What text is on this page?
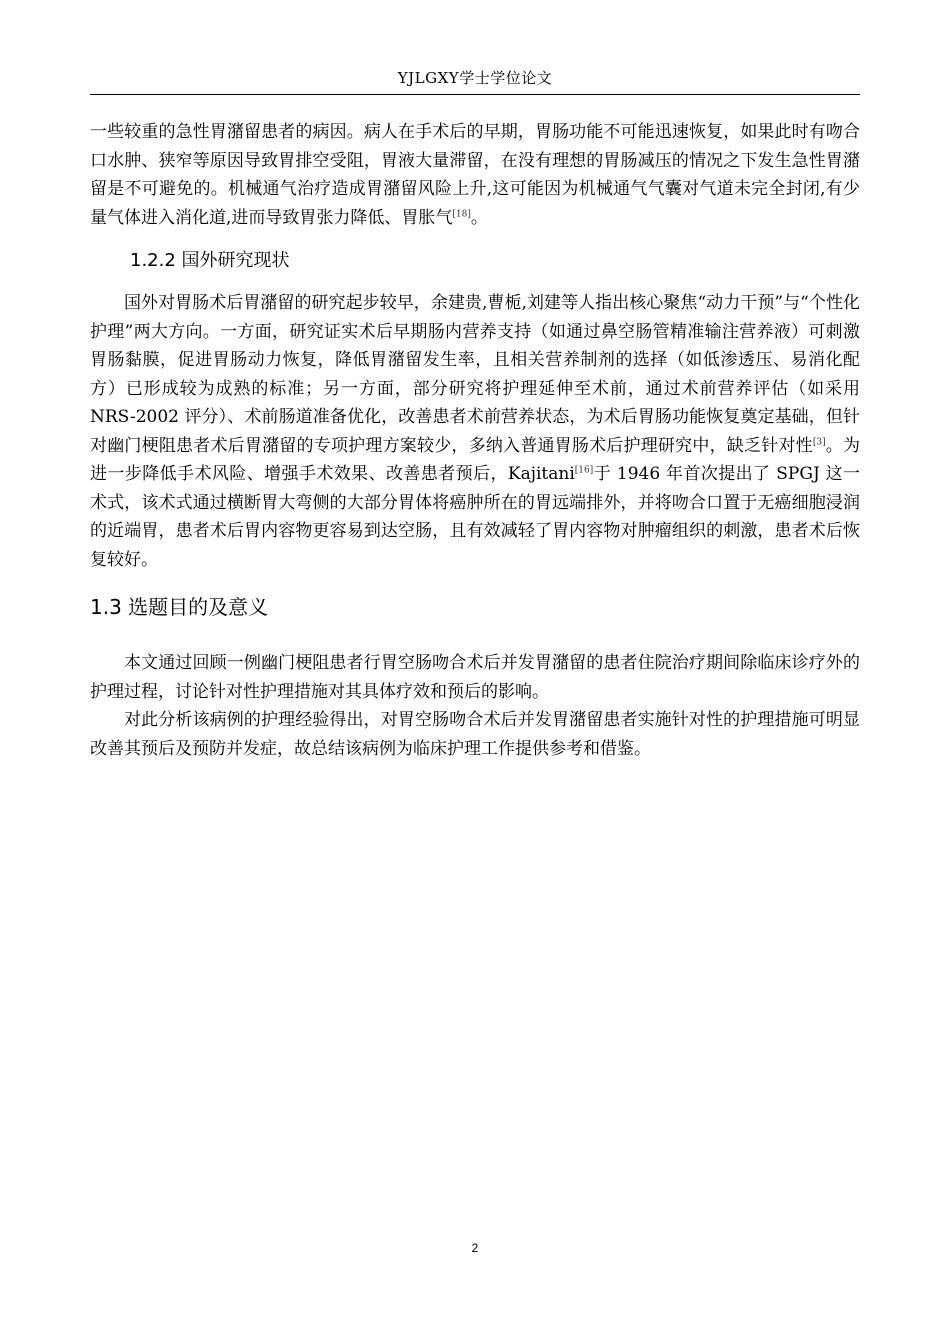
YJLGXY学士学位论文

一些较重的急性胃潴留患者的病因。病人在手术后的早期，胃肠功能不可能迅速恢复，如果此时有吻合口水肿、狭窄等原因导致胃排空受阻，胃液大量滞留，在没有理想的胃肠减压的情况之下发生急性胃潴留是不可避免的。机械通气治疗造成胃潴留风险上升,这可能因为机械通气气囊对气道未完全封闭,有少量气体进入消化道,进而导致胃张力降低、胃胀气[18]。

1.2.2 国外研究现状

国外对胃肠术后胃潴留的研究起步较早，余建贵,曹栀,刘建等人指出核心聚焦“动力干预”与“个性化护理”两大方向。一方面，研究证实术后早期肠内营养支持（如通过鼻空肠管精准输注营养液）可刺激胃肠黏膜，促进胃肠动力恢复，降低胃潴留发生率，且相关营养制剂的选择（如低渗透压、易消化配方）已形成较为成熟的标准；另一方面，部分研究将护理延伸至术前，通过术前营养评估（如采用 NRS-2002 评分）、术前肠道准备优化，改善患者术前营养状态，为术后胃肠功能恢复奠定基础，但针对幽门梗阻患者术后胃潴留的专项护理方案较少，多纳入普通胃肠术后护理研究中，缺乏针对性[3]。为进一步降低手术风险、增强手术效果、改善患者预后，Kajitani[16]于 1946 年首次提出了 SPGJ 这一术式，该术式通过横断胃大弯侧的大部分胃体将癌肿所在的胃远端排外，并将吻合口置于无癌细胞浸润的近端胃，患者术后胃内容物更容易到达空肠，且有效减轻了胃内容物对肿瘤组织的刺激，患者术后恢复较好。

1.3 选题目的及意义

本文通过回顾一例幽门梗阻患者行胃空肠吻合术后并发胃潴留的患者住院治疗期间除临床诊疗外的护理过程，讨论针对性护理措施对其具体疗效和预后的影响。

对此分析该病例的护理经验得出，对胃空肠吻合术后并发胃潴留患者实施针对性的护理措施可明显改善其预后及预防并发症，故总结该病例为临床护理工作提供参考和借鉴。

2
